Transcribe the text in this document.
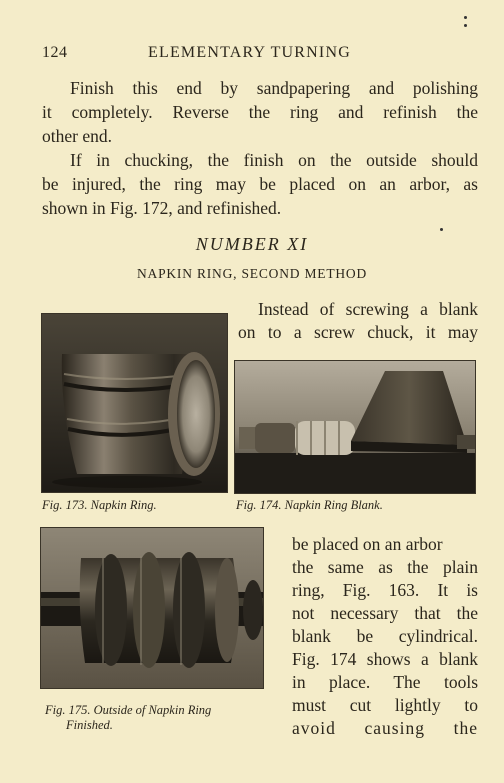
124	ELEMENTARY TURNING
Finish this end by sandpapering and polishing
it completely. Reverse the ring and refinish the
other end.
If in chucking, the finish on the outside should
be injured, the ring may be placed on an arbor, as
shown in Fig. 172, and refinished.
NUMBER XI
NAPKIN RING, SECOND METHOD
Instead of screwing a blank
on to a screw chuck, it may
Fig. 173. Napkin Ring.	Fig. 174. Napkin Ring Blank.
Fig. 175. Outside of Napkin Ring
Finished.
be placed on an arbor
the same as the plain
ring, Fig. 163. It is
not necessary that the
blank be cylindrical.
Fig. 174 shows a blank
in place. The tools
must cut lightly to
avoid causing the
